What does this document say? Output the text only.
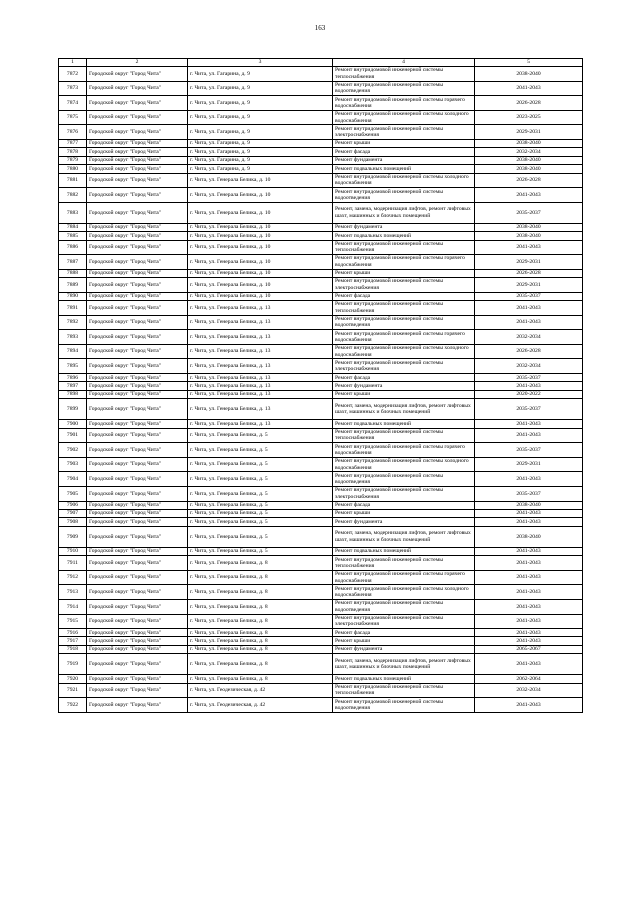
163
1	2	3	4	5
7872	Городской округ "Город Чита"	г. Чита, ул. Гагарина, д. 9	Ремонт внутридомовой инженерной системы теплоснабжения	2038-2040
7873	Городской округ "Город Чита"	г. Чита, ул. Гагарина, д. 9	Ремонт внутридомовой инженерной системы водоотведения	2041-2043
7874	Городской округ "Город Чита"	г. Чита, ул. Гагарина, д. 9	Ремонт внутридомовой инженерной системы горячего водоснабжения	2026-2028
7875	Городской округ "Город Чита"	г. Чита, ул. Гагарина, д. 9	Ремонт внутридомовой инженерной системы холодного водоснабжения	2023-2025
7876	Городской округ "Город Чита"	г. Чита, ул. Гагарина, д. 9	Ремонт внутридомовой инженерной системы электроснабжения	2029-2031
7877	Городской округ "Город Чита"	г. Чита, ул. Гагарина, д. 9	Ремонт крыши	2038-2040
7878	Городской округ "Город Чита"	г. Чита, ул. Гагарина, д. 9	Ремонт фасада	2032-2034
7879	Городской округ "Город Чита"	г. Чита, ул. Гагарина, д. 9	Ремонт фундамента	2038-2040
7880	Городской округ "Город Чита"	г. Чита, ул. Гагарина, д. 9	Ремонт подвальных помещений	2038-2040
7881	Городской округ "Город Чита"	г. Чита, ул. Генерала Белика, д. 10	Ремонт внутридомовой инженерной системы холодного водоснабжения	2026-2028
7882	Городской округ "Город Чита"	г. Чита, ул. Генерала Белика, д. 10	Ремонт внутридомовой инженерной системы водоотведения	2041-2043
7883	Городской округ "Город Чита"	г. Чита, ул. Генерала Белика, д. 10	Ремонт, замена, модернизация лифтов, ремонт лифтовых шахт, машинных и блочных помещений	2035-2037
7884	Городской округ "Город Чита"	г. Чита, ул. Генерала Белика, д. 10	Ремонт фундамента	2038-2040
7885	Городской округ "Город Чита"	г. Чита, ул. Генерала Белика, д. 10	Ремонт подвальных помещений	2038-2040
7886	Городской округ "Город Чита"	г. Чита, ул. Генерала Белика, д. 10	Ремонт внутридомовой инженерной системы теплоснабжения	2041-2043
7887	Городской округ "Город Чита"	г. Чита, ул. Генерала Белика, д. 10	Ремонт внутридомовой инженерной системы горячего водоснабжения	2029-2031
7888	Городской округ "Город Чита"	г. Чита, ул. Генерала Белика, д. 10	Ремонт крыши	2026-2028
7889	Городской округ "Город Чита"	г. Чита, ул. Генерала Белика, д. 10	Ремонт внутридомовой инженерной системы электроснабжения	2029-2031
7890	Городской округ "Город Чита"	г. Чита, ул. Генерала Белика, д. 10	Ремонт фасада	2035-2037
7891	Городской округ "Город Чита"	г. Чита, ул. Генерала Белика, д. 13	Ремонт внутридомовой инженерной системы теплоснабжения	2041-2043
7892	Городской округ "Город Чита"	г. Чита, ул. Генерала Белика, д. 13	Ремонт внутридомовой инженерной системы водоотведения	2041-2043
7893	Городской округ "Город Чита"	г. Чита, ул. Генерала Белика, д. 13	Ремонт внутридомовой инженерной системы горячего водоснабжения	2032-2034
7894	Городской округ "Город Чита"	г. Чита, ул. Генерала Белика, д. 13	Ремонт внутридомовой инженерной системы холодного водоснабжения	2026-2028
7895	Городской округ "Город Чита"	г. Чита, ул. Генерала Белика, д. 13	Ремонт внутридомовой инженерной системы электроснабжения	2032-2034
7896	Городской округ "Город Чита"	г. Чита, ул. Генерала Белика, д. 13	Ремонт фасада	2035-2037
7897	Городской округ "Город Чита"	г. Чита, ул. Генерала Белика, д. 13	Ремонт фундамента	2041-2043
7898	Городской округ "Город Чита"	г. Чита, ул. Генерала Белика, д. 13	Ремонт крыши	2020-2022
7899	Городской округ "Город Чита"	г. Чита, ул. Генерала Белика, д. 13	Ремонт, замена, модернизация лифтов, ремонт лифтовых шахт, машинных и блочных помещений	2035-2037
7900	Городской округ "Город Чита"	г. Чита, ул. Генерала Белика, д. 13	Ремонт подвальных помещений	2041-2043
7901	Городской округ "Город Чита"	г. Чита, ул. Генерала Белика, д. 5	Ремонт внутридомовой инженерной системы теплоснабжения	2041-2043
7902	Городской округ "Город Чита"	г. Чита, ул. Генерала Белика, д. 5	Ремонт внутридомовой инженерной системы горячего водоснабжения	2035-2037
7903	Городской округ "Город Чита"	г. Чита, ул. Генерала Белика, д. 5	Ремонт внутридомовой инженерной системы холодного водоснабжения	2029-2031
7904	Городской округ "Город Чита"	г. Чита, ул. Генерала Белика, д. 5	Ремонт внутридомовой инженерной системы водоотведения	2041-2043
7905	Городской округ "Город Чита"	г. Чита, ул. Генерала Белика, д. 5	Ремонт внутридомовой инженерной системы электроснабжения	2035-2037
7906	Городской округ "Город Чита"	г. Чита, ул. Генерала Белика, д. 5	Ремонт фасада	2038-2040
7907	Городской округ "Город Чита"	г. Чита, ул. Генерала Белика, д. 5	Ремонт крыши	2041-2043
7908	Городской округ "Город Чита"	г. Чита, ул. Генерала Белика, д. 5	Ремонт фундамента	2041-2043
7909	Городской округ "Город Чита"	г. Чита, ул. Генерала Белика, д. 5	Ремонт, замена, модернизация лифтов, ремонт лифтовых шахт, машинных и блочных помещений	2038-2040
7910	Городской округ "Город Чита"	г. Чита, ул. Генерала Белика, д. 5	Ремонт подвальных помещений	2041-2043
7911	Городской округ "Город Чита"	г. Чита, ул. Генерала Белика, д. 8	Ремонт внутридомовой инженерной системы теплоснабжения	2041-2043
7912	Городской округ "Город Чита"	г. Чита, ул. Генерала Белика, д. 8	Ремонт внутридомовой инженерной системы горячего водоснабжения	2041-2043
7913	Городской округ "Город Чита"	г. Чита, ул. Генерала Белика, д. 8	Ремонт внутридомовой инженерной системы холодного водоснабжения	2041-2043
7914	Городской округ "Город Чита"	г. Чита, ул. Генерала Белика, д. 8	Ремонт внутридомовой инженерной системы водоотведения	2041-2043
7915	Городской округ "Город Чита"	г. Чита, ул. Генерала Белика, д. 8	Ремонт внутридомовой инженерной системы электроснабжения	2041-2043
7916	Городской округ "Город Чита"	г. Чита, ул. Генерала Белика, д. 8	Ремонт фасада	2041-2043
7917	Городской округ "Город Чита"	г. Чита, ул. Генерала Белика, д. 8	Ремонт крыши	2041-2043
7918	Городской округ "Город Чита"	г. Чита, ул. Генерала Белика, д. 8	Ремонт фундамента	2065-2067
7919	Городской округ "Город Чита"	г. Чита, ул. Генерала Белика, д. 8	Ремонт, замена, модернизация лифтов, ремонт лифтовых шахт, машинных и блочных помещений	2041-2043
7920	Городской округ "Город Чита"	г. Чита, ул. Генерала Белика, д. 8	Ремонт подвальных помещений	2062-2064
7921	Городской округ "Город Чита"	г. Чита, ул. Геодезическая, д. 42	Ремонт внутридомовой инженерной системы теплоснабжения	2032-2034
7922	Городской округ "Город Чита"	г. Чита, ул. Геодезическая, д. 42	Ремонт внутридомовой инженерной системы водоотведения	2041-2043
